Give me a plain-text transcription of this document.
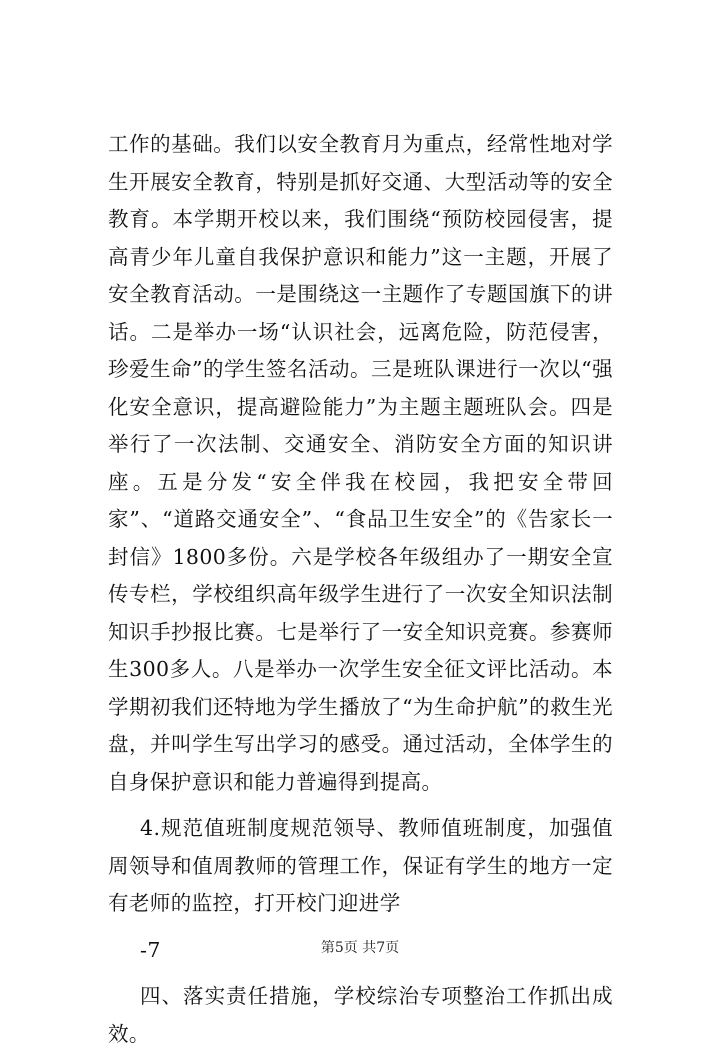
工作的基础。我们以安全教育月为重点，经常性地对学生开展安全教育，特别是抓好交通、大型活动等的安全教育。本学期开校以来，我们围绕“预防校园侵害，提高青少年儿童自我保护意识和能力”这一主题，开展了安全教育活动。一是围绕这一主题作了专题国旗下的讲话。二是举办一场“认识社会，远离危险，防范侵害，珍爱生命”的学生签名活动。三是班队课进行一次以“强化安全意识，提高避险能力”为主题主题班队会。四是举行了一次法制、交通安全、消防安全方面的知识讲座。五是分发“安全伴我在校园，我把安全带回家”、“道路交通安全”、“食品卫生安全”的《告家长一封信》1800多份。六是学校各年级组办了一期安全宣传专栏，学校组织高年级学生进行了一次安全知识法制知识手抄报比赛。七是举行了一安全知识竞赛。参赛师生300多人。八是举办一次学生安全征文评比活动。本学期初我们还特地为学生播放了“为生命护航”的救生光盘，并叫学生写出学习的感受。通过活动，全体学生的自身保护意识和能力普遍得到提高。

4.规范值班制度规范领导、教师值班制度，加强值周领导和值周教师的管理工作，保证有学生的地方一定有老师的监控，打开校门迎进学

-7

四、落实责任措施，学校综治专项整治工作抓出成效。

第5页 共7页
